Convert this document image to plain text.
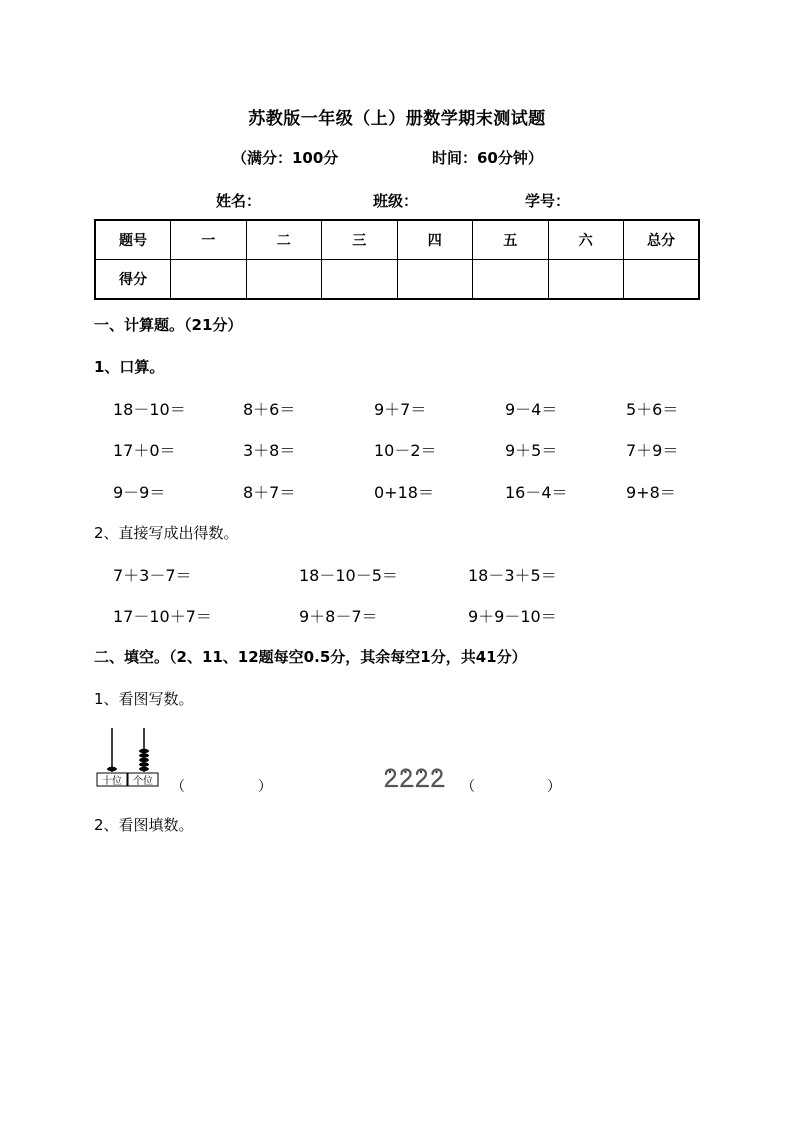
苏教版一年级（上）册数学期末测试题
（满分：100分	时间：60分钟）
姓名：	班级：	学号：
题号	一	二	三	四	五	六	总分
得分							
一、计算题。（21分）
1、口算。
18－10＝	8＋6＝	9＋7＝	9－4＝	5＋6＝
17＋0＝	3＋8＝	10－2＝	9＋5＝	7＋9＝
9－9＝	8＋7＝	0+18＝	16－4＝	9+8＝
2、直接写成出得数。
7＋3－7＝	18－10－5＝	18－3＋5＝
17－10＋7＝	9＋8－7＝	9＋9－10＝
二、填空。（2、11、12题每空0.5分，其余每空1分，共41分）
1、看图写数。
十位 个位 （	）	（	）
2、看图填数。
